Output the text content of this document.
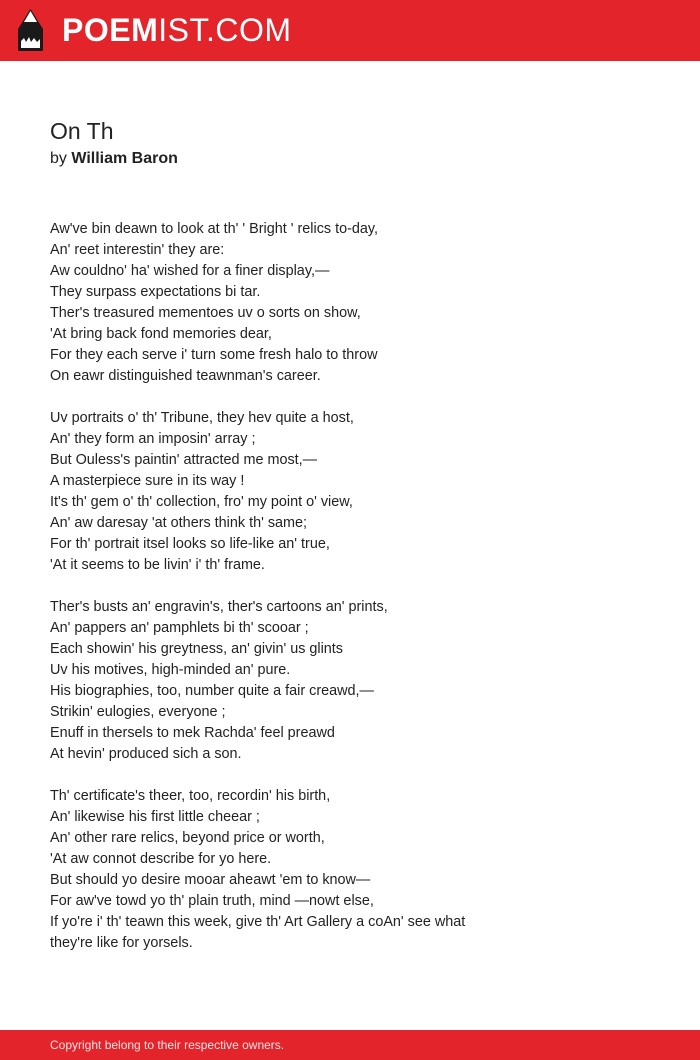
POEMIST.COM
On Th
by William Baron

Aw've bin deawn to look at th' ' Bright ' relics to-day,
An' reet interestin' they are:
Aw couldno' ha' wished for a finer display,—
They surpass expectations bi tar.
Ther's treasured mementoes uv o sorts on show,
'At bring back fond memories dear,
For they each serve i' turn some fresh halo to throw
On eawr distinguished teawnman's career.

Uv portraits o' th' Tribune, they hev quite a host,
An' they form an imposin' array ;
But Ouless's paintin' attracted me most,—
A masterpiece sure in its way !
It's th' gem o' th' collection, fro' my point o' view,
An' aw daresay 'at others think th' same;
For th' portrait itsel looks so life-like an' true,
'At it seems to be livin' i' th' frame.

Ther's busts an' engravin's, ther's cartoons an' prints,
An' pappers an' pamphlets bi th' scooar ;
Each showin' his greytness, an' givin' us glints
Uv his motives, high-minded an' pure.
His biographies, too, number quite a fair creawd,—
Strikin' eulogies, everyone ;
Enuff in thersels to mek Rachda' feel preawd
At hevin' produced sich a son.

Th' certificate's theer, too, recordin' his birth,
An' likewise his first little cheear ;
An' other rare relics, beyond price or worth,
'At aw connot describe for yo here.
But should yo desire mooar aheawt 'em to know—
For aw've towd yo th' plain truth, mind —nowt else,
If yo're i' th' teawn this week, give th' Art Gallery a coAn' see what
they're like for yorsels.

Copyright belong to their respective owners.
